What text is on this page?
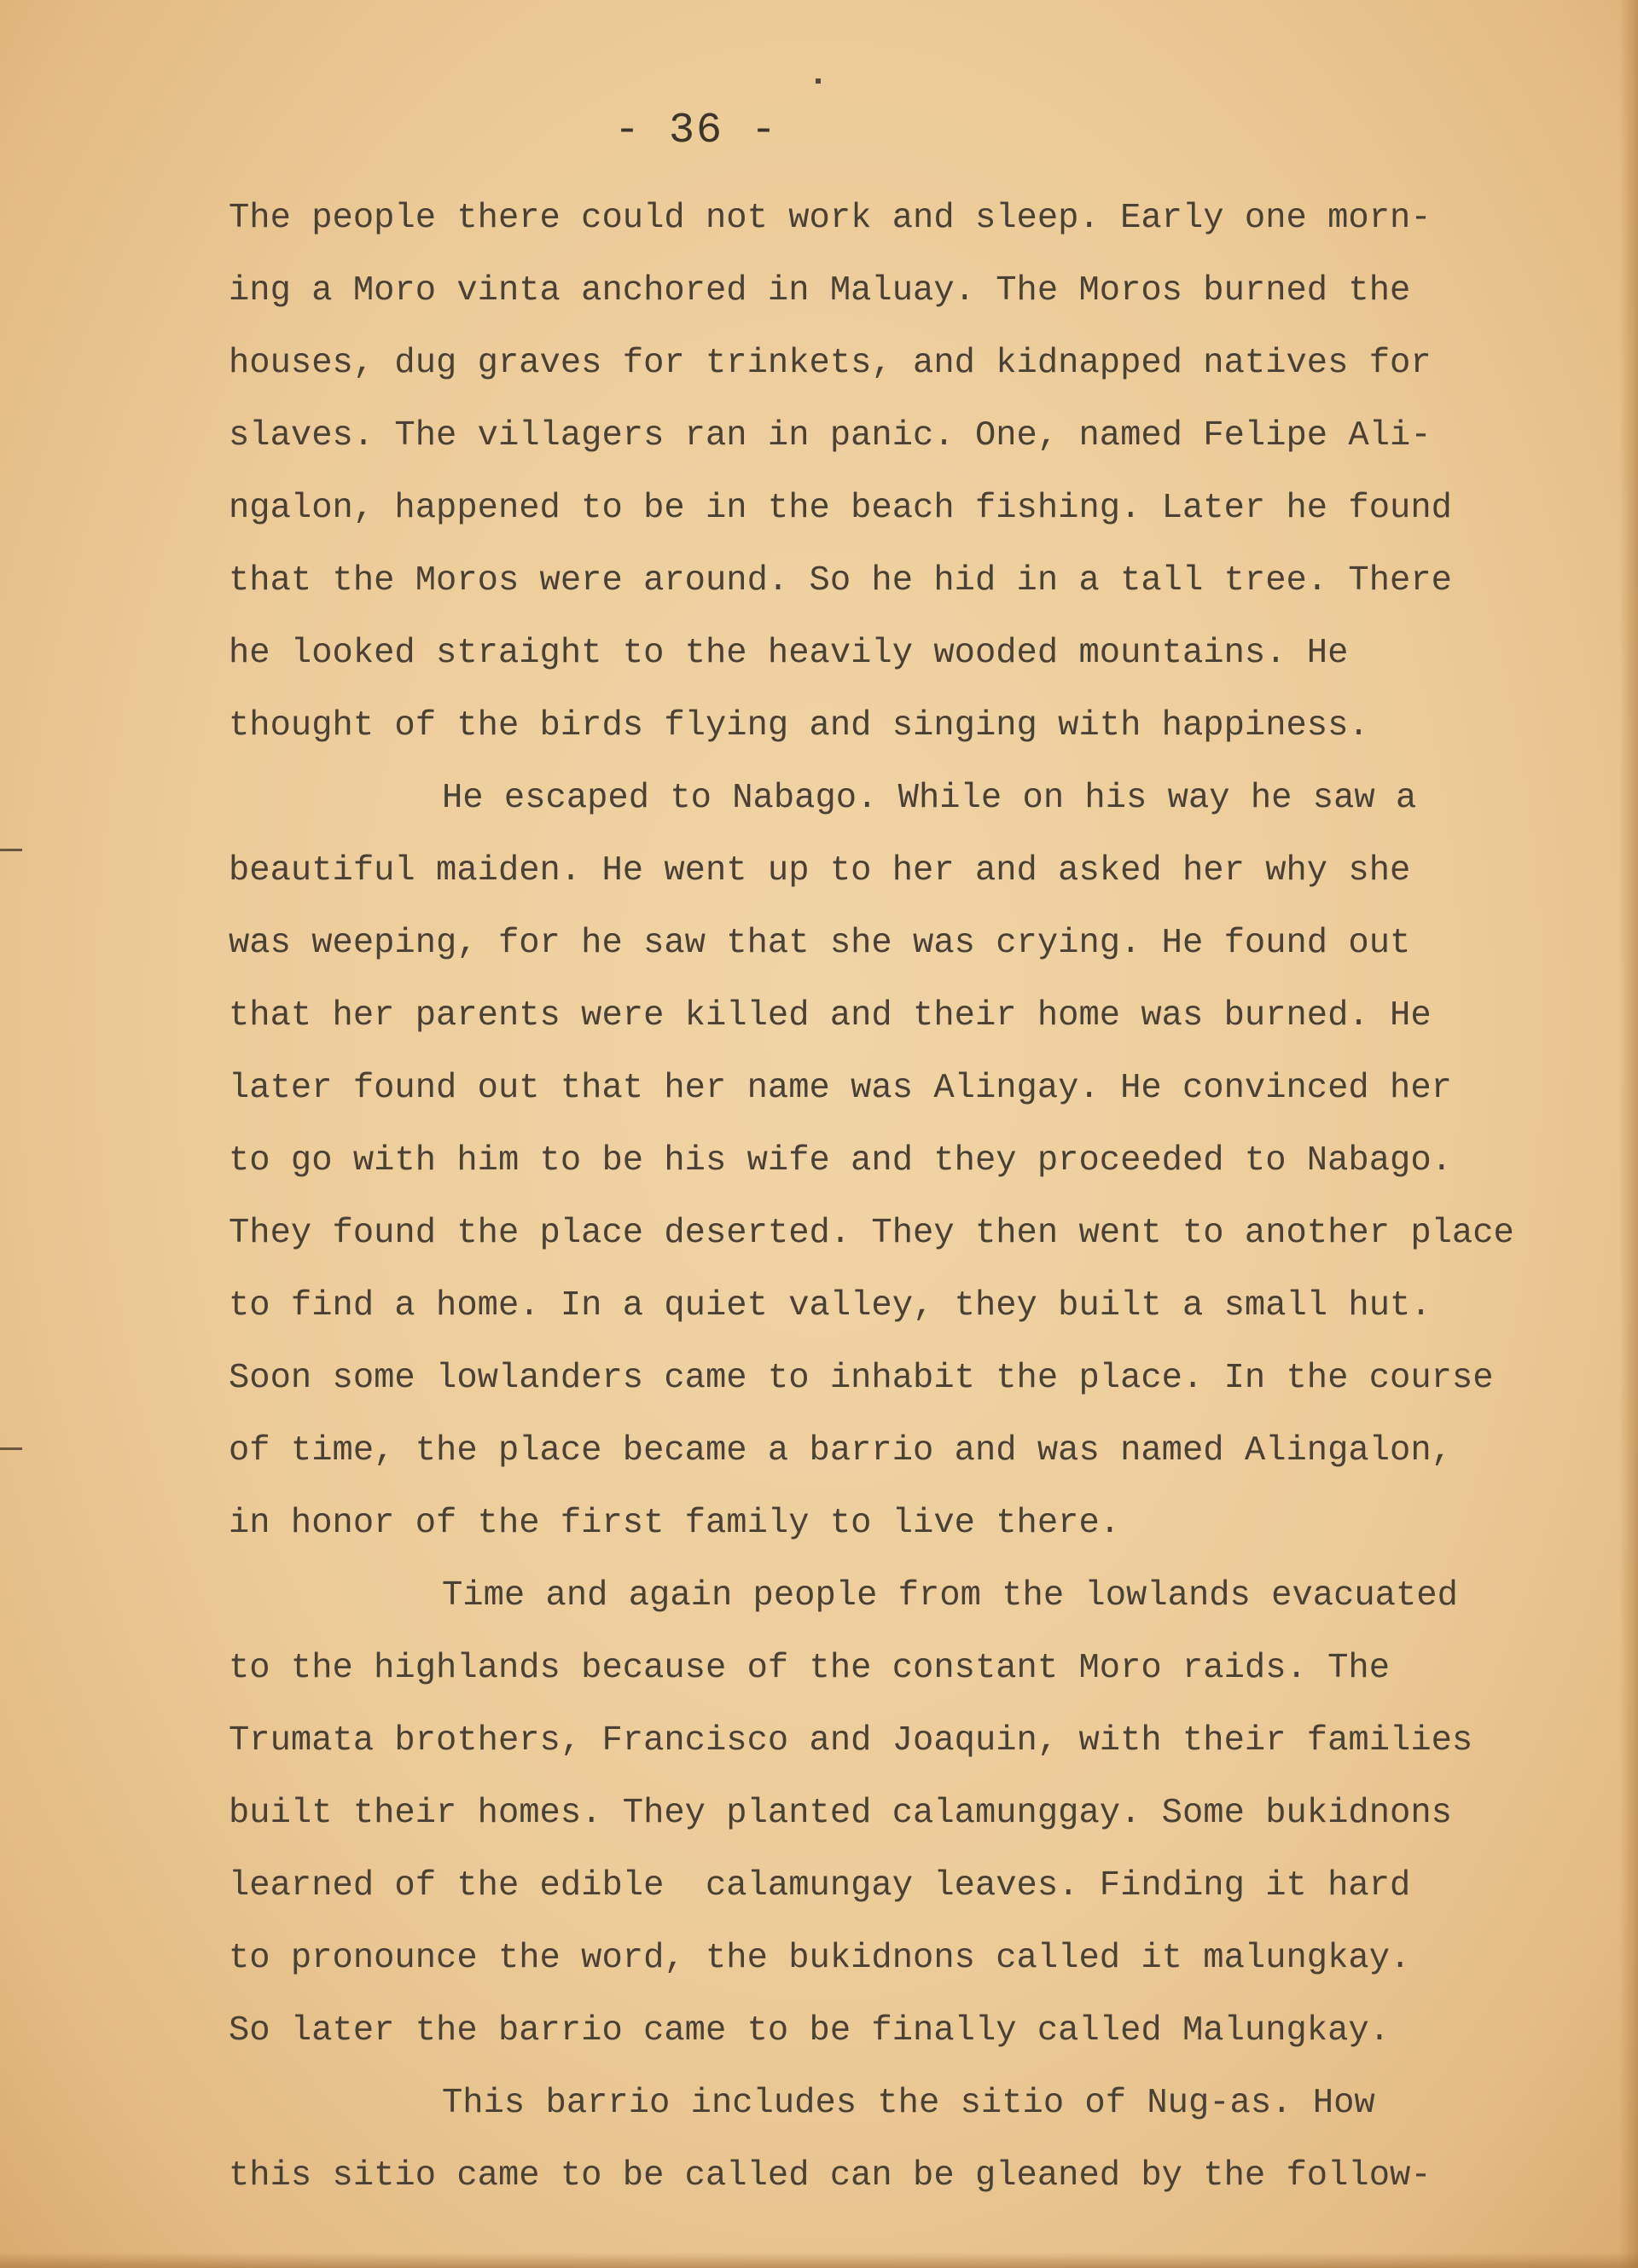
- 36 -
The people there could not work and sleep. Early one morn-
ing a Moro vinta anchored in Maluay. The Moros burned the
houses, dug graves for trinkets, and kidnapped natives for
slaves. The villagers ran in panic. One, named Felipe Ali-
ngalon, happened to be in the beach fishing. Later he found
that the Moros were around. So he hid in a tall tree. There
he looked straight to the heavily wooded mountains. He
thought of the birds flying and singing with happiness.
He escaped to Nabago. While on his way he saw a
beautiful maiden. He went up to her and asked her why she
was weeping, for he saw that she was crying. He found out
that her parents were killed and their home was burned. He
later found out that her name was Alingay. He convinced her
to go with him to be his wife and they proceeded to Nabago.
They found the place deserted. They then went to another place
to find a home. In a quiet valley, they built a small hut.
Soon some lowlanders came to inhabit the place. In the course
of time, the place became a barrio and was named Alingalon,
in honor of the first family to live there.
Time and again people from the lowlands evacuated
to the highlands because of the constant Moro raids. The
Trumata brothers, Francisco and Joaquin, with their families
built their homes. They planted calamunggay. Some bukidnons
learned of the edible  calamungay leaves. Finding it hard
to pronounce the word, the bukidnons called it malungkay.
So later the barrio came to be finally called Malungkay.
This barrio includes the sitio of Nug-as. How
this sitio came to be called can be gleaned by the follow-
